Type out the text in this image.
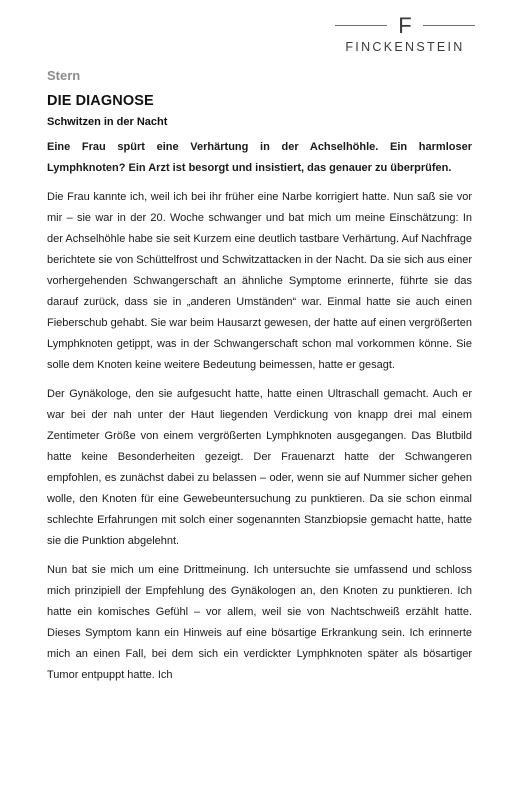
F
FINCKENSTEIN
Stern
DIE DIAGNOSE
Schwitzen in der Nacht

Eine Frau spürt eine Verhärtung in der Achselhöhle. Ein harmloser Lymphknoten? Ein Arzt ist besorgt und insistiert, das genauer zu überprüfen.

Die Frau kannte ich, weil ich bei ihr früher eine Narbe korrigiert hatte. Nun saß sie vor mir – sie war in der 20. Woche schwanger und bat mich um meine Einschätzung: In der Achselhöhle habe sie seit Kurzem eine deutlich tastbare Verhärtung. Auf Nachfrage berichtete sie von Schüttelfrost und Schwitzattacken in der Nacht. Da sie sich aus einer vorhergehenden Schwangerschaft an ähnliche Symptome erinnerte, führte sie das darauf zurück, dass sie in „anderen Umständen“ war. Einmal hatte sie auch einen Fieberschub gehabt. Sie war beim Hausarzt gewesen, der hatte auf einen vergrößerten Lymphknoten getippt, was in der Schwangerschaft schon mal vorkommen könne. Sie solle dem Knoten keine weitere Bedeutung beimessen, hatte er gesagt.

Der Gynäkologe, den sie aufgesucht hatte, hatte einen Ultraschall gemacht. Auch er war bei der nah unter der Haut liegenden Verdickung von knapp drei mal einem Zentimeter Größe von einem vergrößerten Lymphknoten ausgegangen. Das Blutbild hatte keine Besonderheiten gezeigt. Der Frauenarzt hatte der Schwangeren empfohlen, es zunächst dabei zu belassen – oder, wenn sie auf Nummer sicher gehen wolle, den Knoten für eine Gewebeuntersuchung zu punktieren. Da sie schon einmal schlechte Erfahrungen mit solch einer sogenannten Stanzbiopsie gemacht hatte, hatte sie die Punktion abgelehnt.

Nun bat sie mich um eine Drittmeinung. Ich untersuchte sie umfassend und schloss mich prinzipiell der Empfehlung des Gynäkologen an, den Knoten zu punktieren. Ich hatte ein komisches Gefühl – vor allem, weil sie von Nachtschweiß erzählt hatte. Dieses Symptom kann ein Hinweis auf eine bösartige Erkrankung sein. Ich erinnerte mich an einen Fall, bei dem sich ein verdickter Lymphknoten später als bösartiger Tumor entpuppt hatte. Ich
